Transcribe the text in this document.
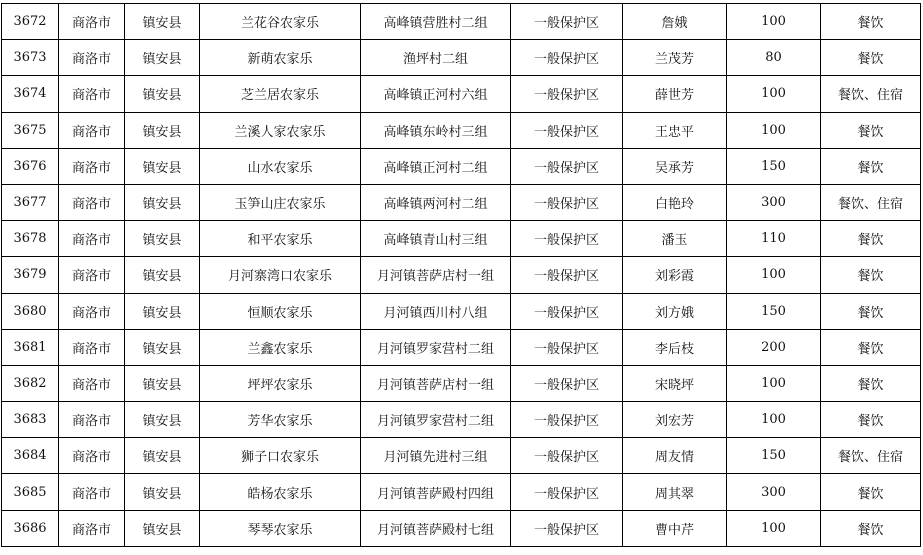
3672	商洛市	镇安县	兰花谷农家乐	高峰镇营胜村二组	一般保护区	詹娥	100	餐饮
3673	商洛市	镇安县	新萌农家乐	渔坪村二组	一般保护区	兰茂芳	80	餐饮
3674	商洛市	镇安县	芝兰居农家乐	高峰镇正河村六组	一般保护区	薛世芳	100	餐饮、住宿
3675	商洛市	镇安县	兰溪人家农家乐	高峰镇东岭村三组	一般保护区	王忠平	100	餐饮
3676	商洛市	镇安县	山水农家乐	高峰镇正河村二组	一般保护区	吴承芳	150	餐饮
3677	商洛市	镇安县	玉笋山庄农家乐	高峰镇两河村二组	一般保护区	白艳玲	300	餐饮、住宿
3678	商洛市	镇安县	和平农家乐	高峰镇青山村三组	一般保护区	潘玉	110	餐饮
3679	商洛市	镇安县	月河寨湾口农家乐	月河镇菩萨店村一组	一般保护区	刘彩霞	100	餐饮
3680	商洛市	镇安县	恒顺农家乐	月河镇西川村八组	一般保护区	刘方娥	150	餐饮
3681	商洛市	镇安县	兰鑫农家乐	月河镇罗家营村二组	一般保护区	李后枝	200	餐饮
3682	商洛市	镇安县	坪坪农家乐	月河镇菩萨店村一组	一般保护区	宋晓坪	100	餐饮
3683	商洛市	镇安县	芳华农家乐	月河镇罗家营村二组	一般保护区	刘宏芳	100	餐饮
3684	商洛市	镇安县	狮子口农家乐	月河镇先进村三组	一般保护区	周友情	150	餐饮、住宿
3685	商洛市	镇安县	皓杨农家乐	月河镇菩萨殿村四组	一般保护区	周其翠	300	餐饮
3686	商洛市	镇安县	琴琴农家乐	月河镇菩萨殿村七组	一般保护区	曹中芹	100	餐饮
